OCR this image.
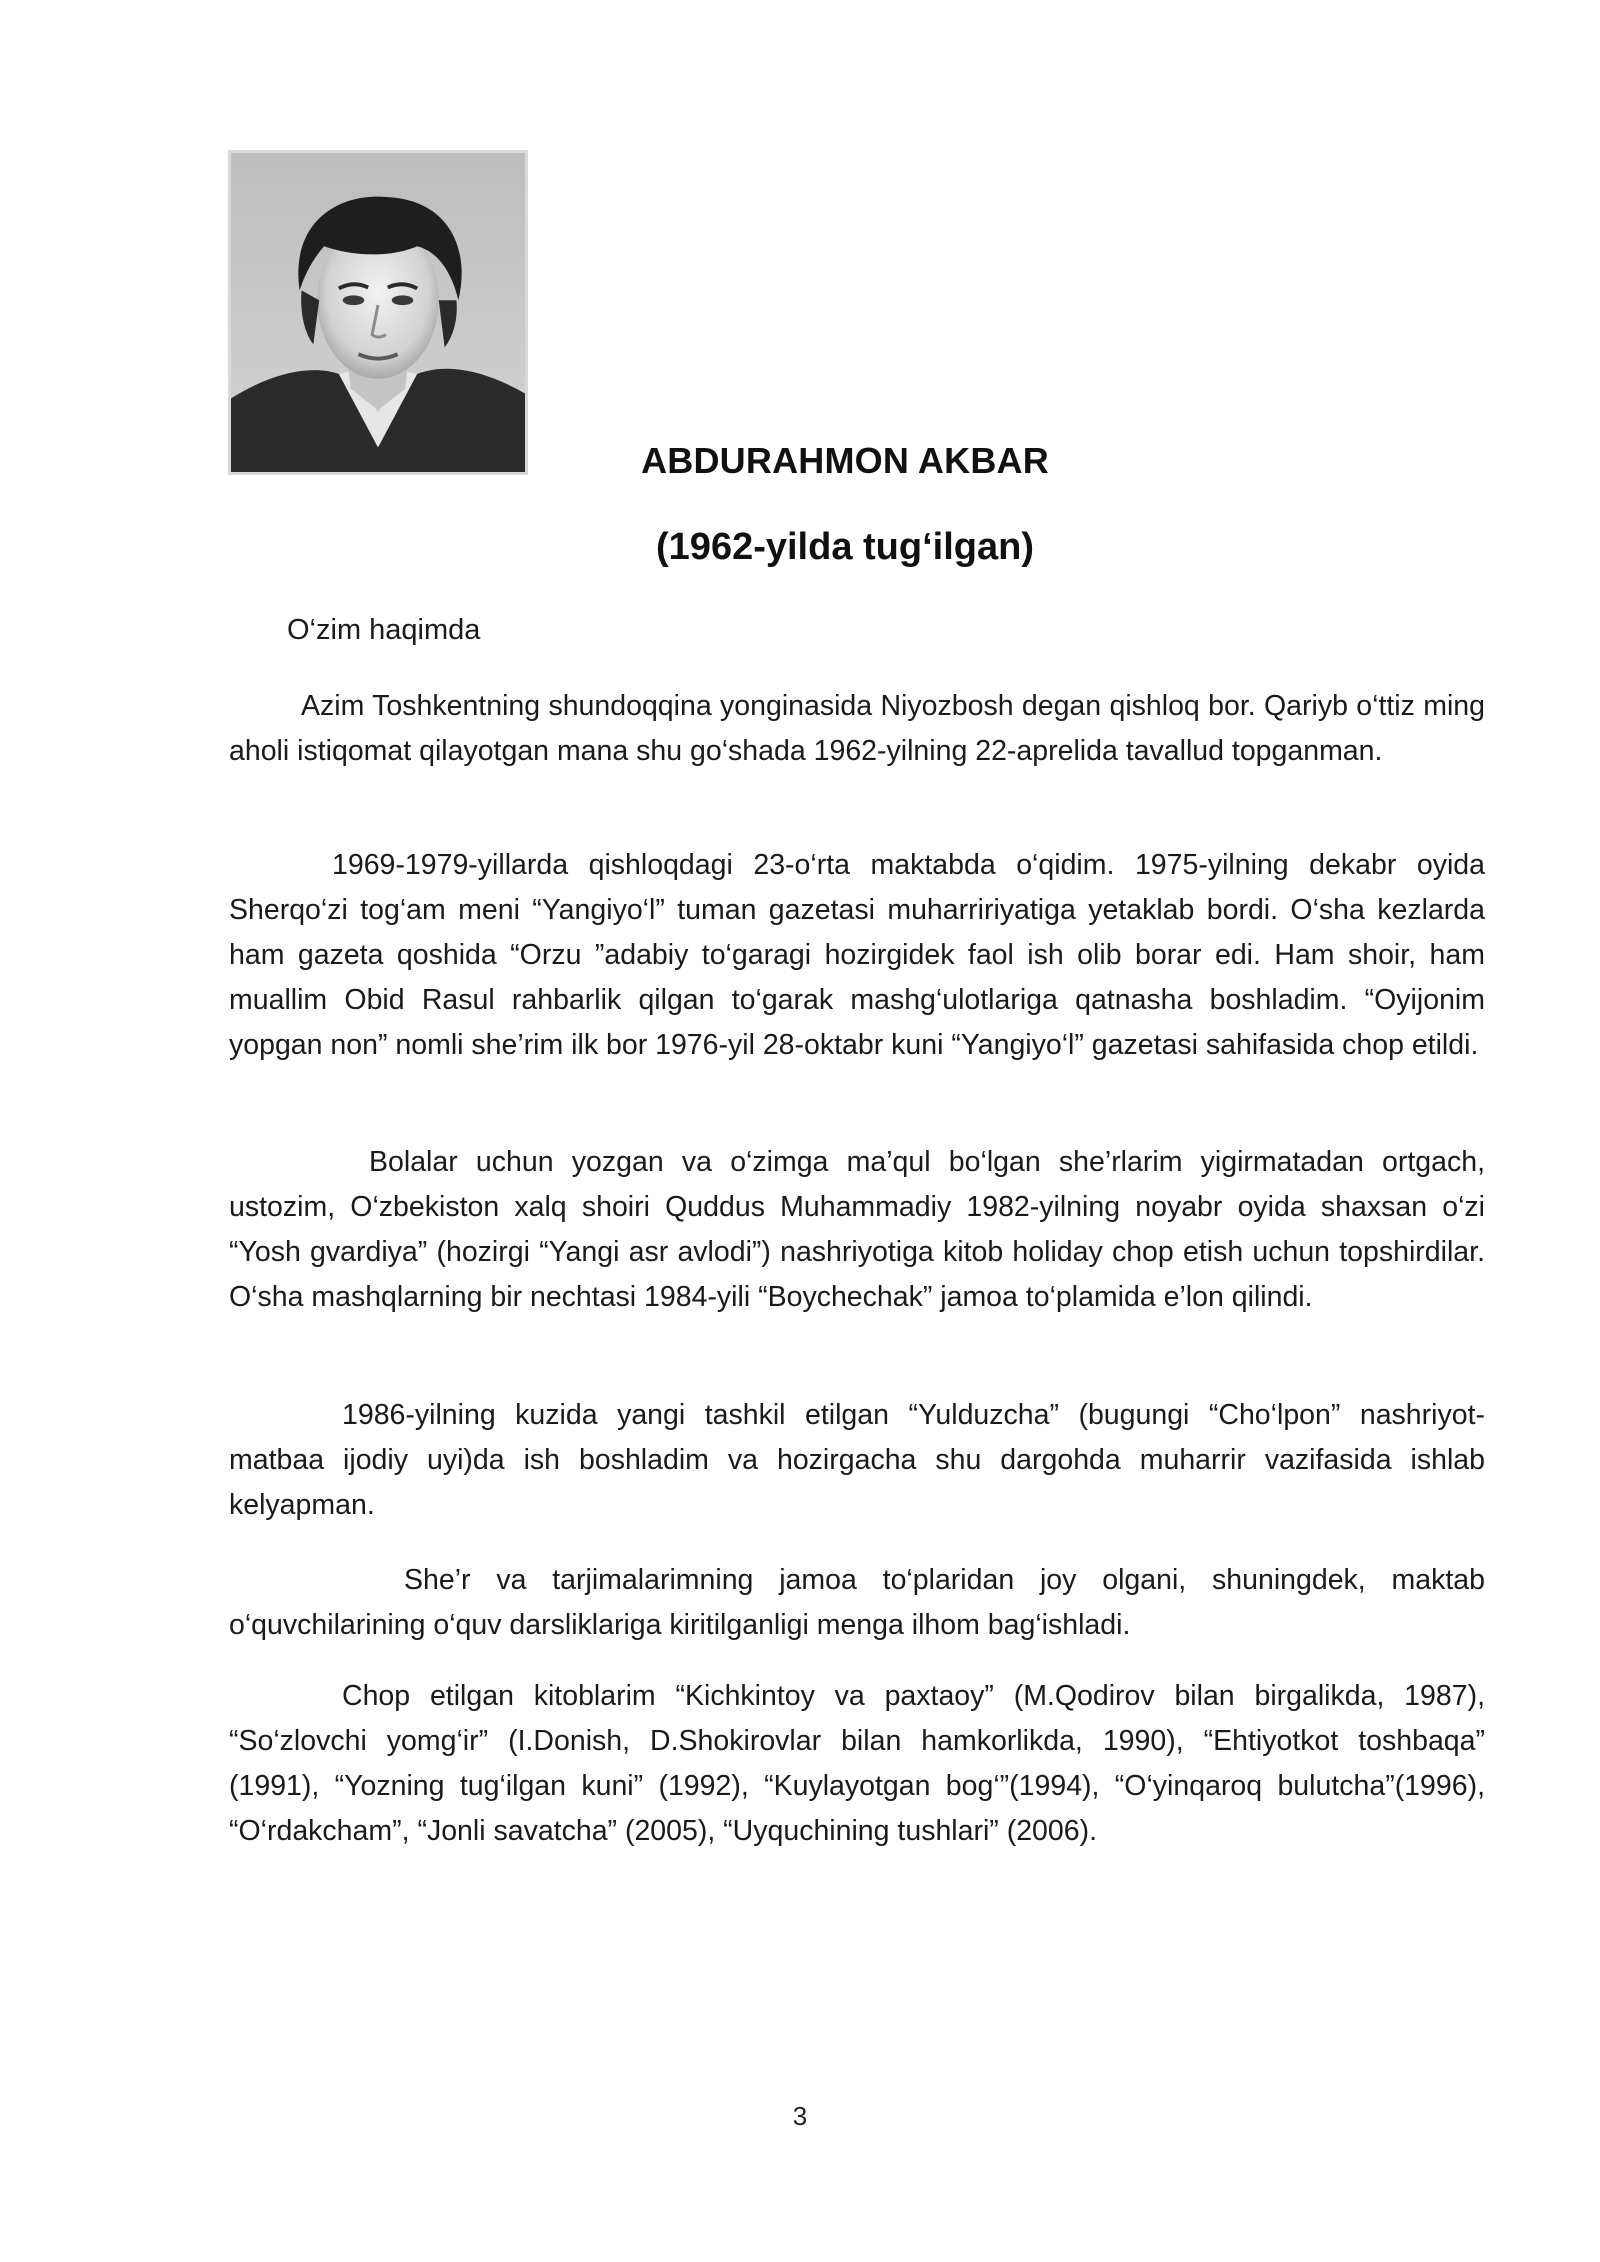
ABDURAHMON AKBAR
(1962-yilda tug‘ilgan)
O‘zim haqimda

Azim Toshkentning shundoqqina yonginasida Niyozbosh degan qishloq bor. Qariyb o‘ttiz ming aholi istiqomat qilayotgan mana shu go‘shada 1962-yilning 22-aprelida tavallud topganman.

1969-1979-yillarda qishloqdagi 23-o‘rta maktabda o‘qidim. 1975-yilning dekabr oyida Sherqo‘zi tog‘am meni “Yangiyo‘l” tuman gazetasi muharririyatiga yetaklab bordi. O‘sha kezlarda ham gazeta qoshida “Orzu ”adabiy to‘garagi hozirgidek faol ish olib borar edi. Ham shoir, ham muallim Obid Rasul rahbarlik qilgan to‘garak mashg‘ulotlariga qatnasha boshladim. “Oyijonim yopgan non” nomli she’rim ilk bor 1976-yil 28-oktabr kuni “Yangiyo‘l” gazetasi sahifasida chop etildi.

Bolalar uchun yozgan va o‘zimga ma’qul bo‘lgan she’rlarim yigirmatadan ortgach, ustozim, O‘zbekiston xalq shoiri Quddus Muhammadiy 1982-yilning noyabr oyida shaxsan o‘zi “Yosh gvardiya” (hozirgi “Yangi asr avlodi”) nashriyotiga kitob holiday chop etish uchun topshirdilar. O‘sha mashqlarning bir nechtasi 1984-yili “Boychechak” jamoa to‘plamida e’lon qilindi.

1986-yilning kuzida yangi tashkil etilgan “Yulduzcha” (bugungi “Cho‘lpon” nashriyot-matbaa ijodiy uyi)da ish boshladim va hozirgacha shu dargohda muharrir vazifasida ishlab kelyapman.

She’r va tarjimalarimning jamoa to‘plaridan joy olgani, shuningdek, maktab o‘quvchilarining o‘quv darsliklariga kiritilganligi menga ilhom bag‘ishladi.

Chop etilgan kitoblarim “Kichkintoy va paxtaoy” (M.Qodirov bilan birgalikda, 1987), “So‘zlovchi yomg‘ir” (I.Donish, D.Shokirovlar bilan hamkorlikda, 1990), “Ehtiyotkot toshbaqa” (1991), “Yozning tug‘ilgan kuni” (1992), “Kuylayotgan bog‘”(1994), “O‘yinqaroq bulutcha”(1996), “O‘rdakcham”, “Jonli savatcha” (2005), “Uyquchining tushlari” (2006).

3
